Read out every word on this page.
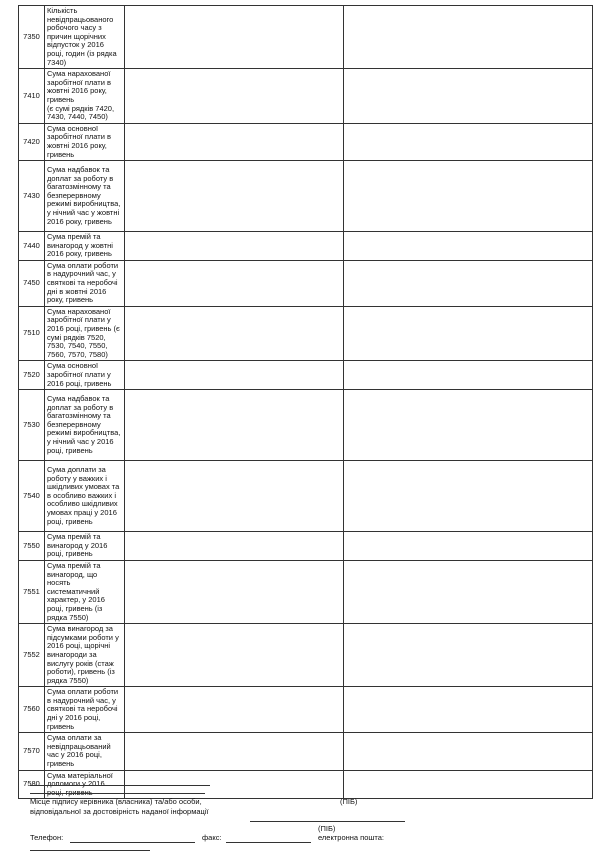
7350	Кількість невідпрацьованого робочого часу з причин щорічних відпусток у 2016 році, годин (із рядка 7340)		

7410	Сума нарахованої заробітної плати в жовтні 2016 року, гривень
(є сумі рядків 7420, 7430, 7440, 7450)		

7420	Сума основної заробітної плати в жовтні 2016 року, гривень		

7430	Сума надбавок та доплат за роботу в багатозмінному та безперервному режимі виробництва, у нічний час у жовтні 2016 року, гривень		

7440	Сума премій та винагород у жовтні 2016 року, гривень		

7450	Сума оплати роботи в надурочний час, у святкові та неробочі дні в жовтні 2016 року, гривень		

7510	Сума нарахованої заробітної плати у 2016 році, гривень (є сумі рядків 7520, 7530, 7540, 7550, 7560, 7570, 7580)		

7520	Сума основної заробітної плати у 2016 році, гривень		

7530	Сума надбавок та доплат за роботу в багатозмінному та безперервному режимі виробництва, у нічний час у 2016 році, гривень		

7540	Сума доплати за роботу у важких і шкідливих умовах та в особливо важких і особливо шкідливих умовах праці у 2016 році, гривень		

7550	Сума премій та винагород у 2016 році, гривень		

7551	Сума премій та винагород, що носять систематичний характер, у 2016 році, гривень (із рядка 7550)		

7552	Сума винагород за підсумками роботи у 2016 році, щорічні винагороди за вислугу років (стаж роботи), гривень (із рядка 7550)		

7560	Сума оплати роботи в надурочний час, у святкові та неробочі дні у 2016 році, гривень		

7570	Сума оплати за невідпрацьований час у 2016 році, гривень		

7580	Сума матеріальної допомоги у 2016 році, гривень		

Місце підпису керівника (власника) та/або особи,
відповідальної за достовірність наданої інформації
(ПІБ)
(ПІБ)
Телефон:	факс:	електронна пошта:
